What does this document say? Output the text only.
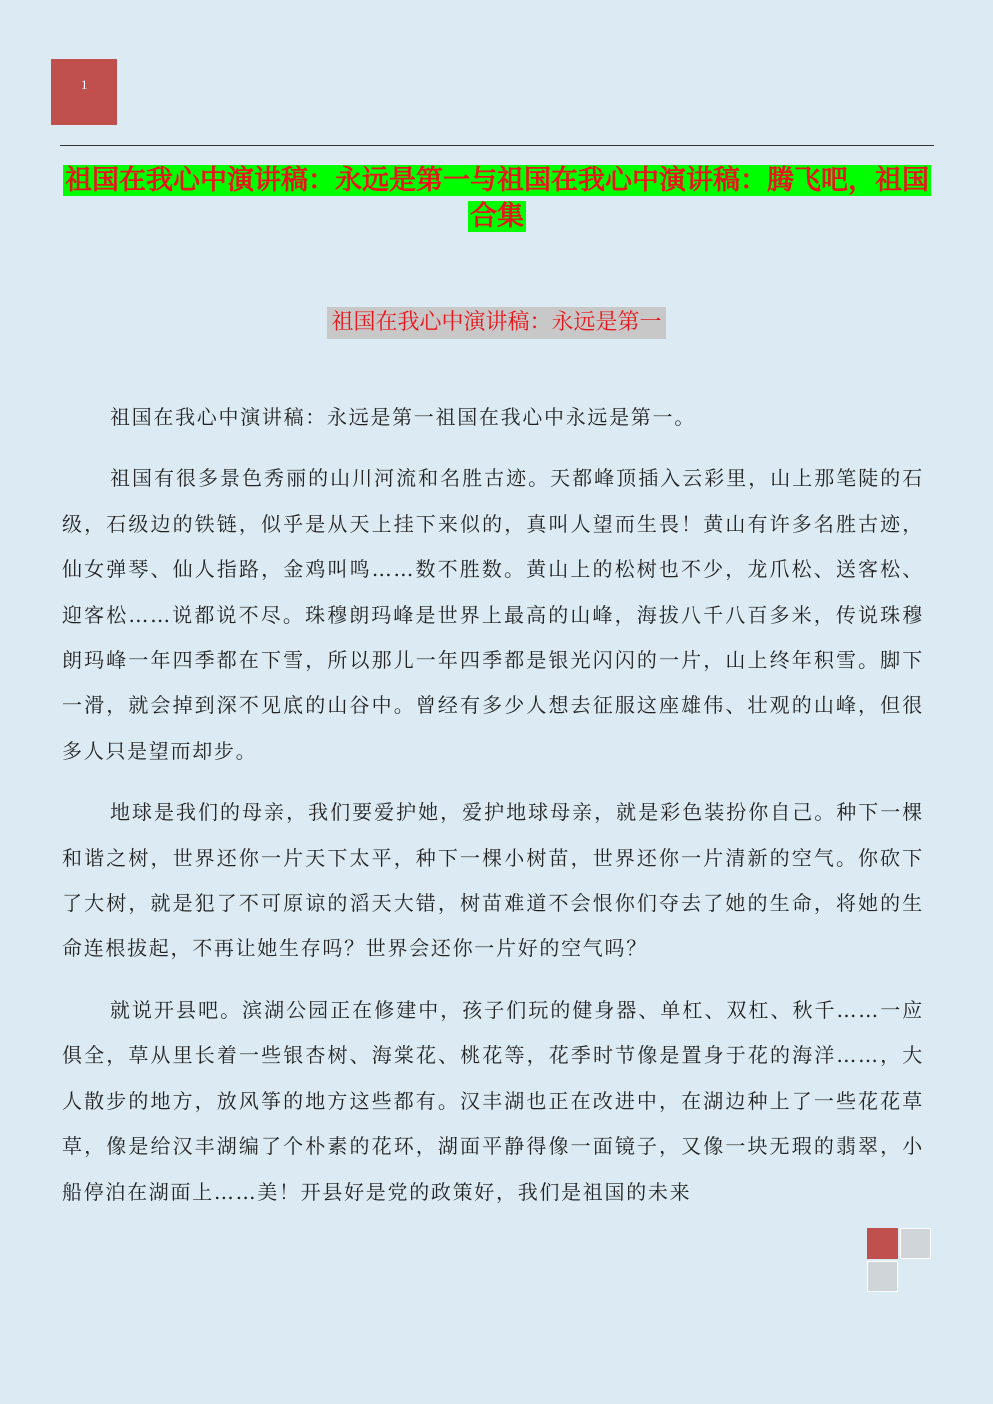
1
祖国在我心中演讲稿：永远是第一与祖国在我心中演讲稿：腾飞吧，祖国合集
祖国在我心中演讲稿：永远是第一

祖国在我心中演讲稿：永远是第一祖国在我心中永远是第一。

祖国有很多景色秀丽的山川河流和名胜古迹。天都峰顶插入云彩里，山上那笔陡的石级，石级边的铁链，似乎是从天上挂下来似的，真叫人望而生畏！黄山有许多名胜古迹，仙女弹琴、仙人指路，金鸡叫鸣……数不胜数。黄山上的松树也不少，龙爪松、送客松、迎客松……说都说不尽。珠穆朗玛峰是世界上最高的山峰，海拔八千八百多米，传说珠穆朗玛峰一年四季都在下雪，所以那儿一年四季都是银光闪闪的一片，山上终年积雪。脚下一滑，就会掉到深不见底的山谷中。曾经有多少人想去征服这座雄伟、壮观的山峰，但很多人只是望而却步。

地球是我们的母亲，我们要爱护她，爱护地球母亲，就是彩色装扮你自己。种下一棵和谐之树，世界还你一片天下太平，种下一棵小树苗，世界还你一片清新的空气。你砍下了大树，就是犯了不可原谅的滔天大错，树苗难道不会恨你们夺去了她的生命，将她的生命连根拔起，不再让她生存吗？世界会还你一片好的空气吗？

就说开县吧。滨湖公园正在修建中，孩子们玩的健身器、单杠、双杠、秋千……一应俱全，草从里长着一些银杏树、海棠花、桃花等，花季时节像是置身于花的海洋……，大人散步的地方，放风筝的地方这些都有。汉丰湖也正在改进中，在湖边种上了一些花花草草，像是给汉丰湖编了个朴素的花环，湖面平静得像一面镜子，又像一块无瑕的翡翠，小船停泊在湖面上……美！开县好是党的政策好，我们是祖国的未来
